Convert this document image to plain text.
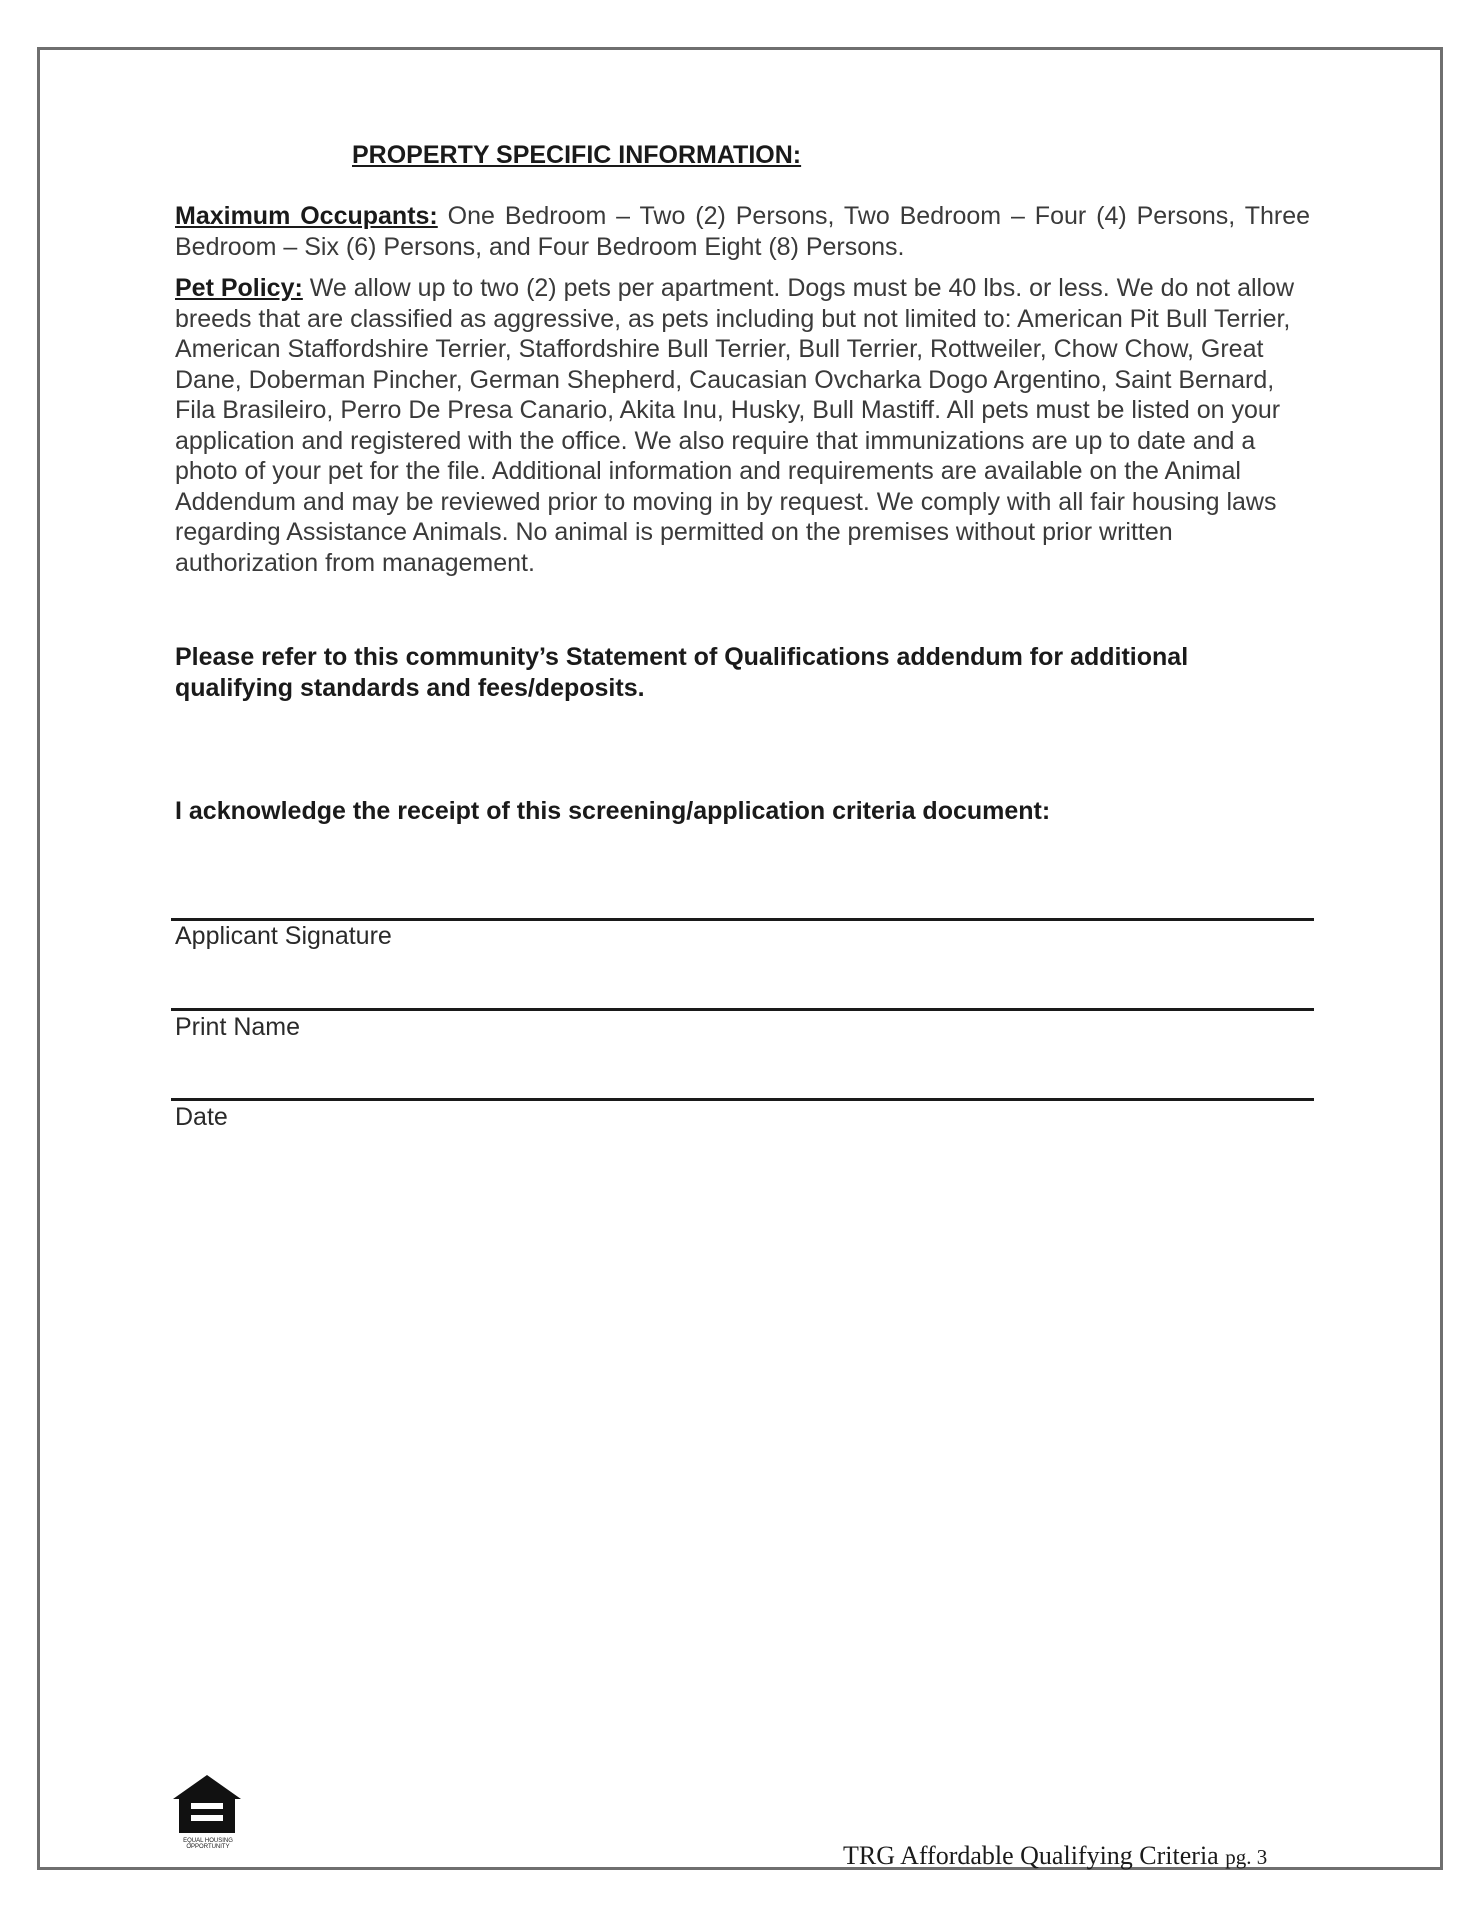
PROPERTY SPECIFIC INFORMATION:

Maximum Occupants: One Bedroom – Two (2) Persons, Two Bedroom – Four (4) Persons, Three Bedroom – Six (6) Persons, and Four Bedroom Eight (8) Persons.

Pet Policy: We allow up to two (2) pets per apartment. Dogs must be 40 lbs. or less. We do not allow breeds that are classified as aggressive, as pets including but not limited to: American Pit Bull Terrier, American Staffordshire Terrier, Staffordshire Bull Terrier, Bull Terrier, Rottweiler, Chow Chow, Great Dane, Doberman Pincher, German Shepherd, Caucasian Ovcharka Dogo Argentino, Saint Bernard, Fila Brasileiro, Perro De Presa Canario, Akita Inu, Husky, Bull Mastiff. All pets must be listed on your application and registered with the office. We also require that immunizations are up to date and a photo of your pet for the file. Additional information and requirements are available on the Animal Addendum and may be reviewed prior to moving in by request. We comply with all fair housing laws regarding Assistance Animals. No animal is permitted on the premises without prior written authorization from management.

Please refer to this community’s Statement of Qualifications addendum for additional qualifying standards and fees/deposits.

I acknowledge the receipt of this screening/application criteria document:

Applicant Signature

Print Name

Date

EQUAL HOUSING OPPORTUNITY	TRG Affordable Qualifying Criteria pg. 3
